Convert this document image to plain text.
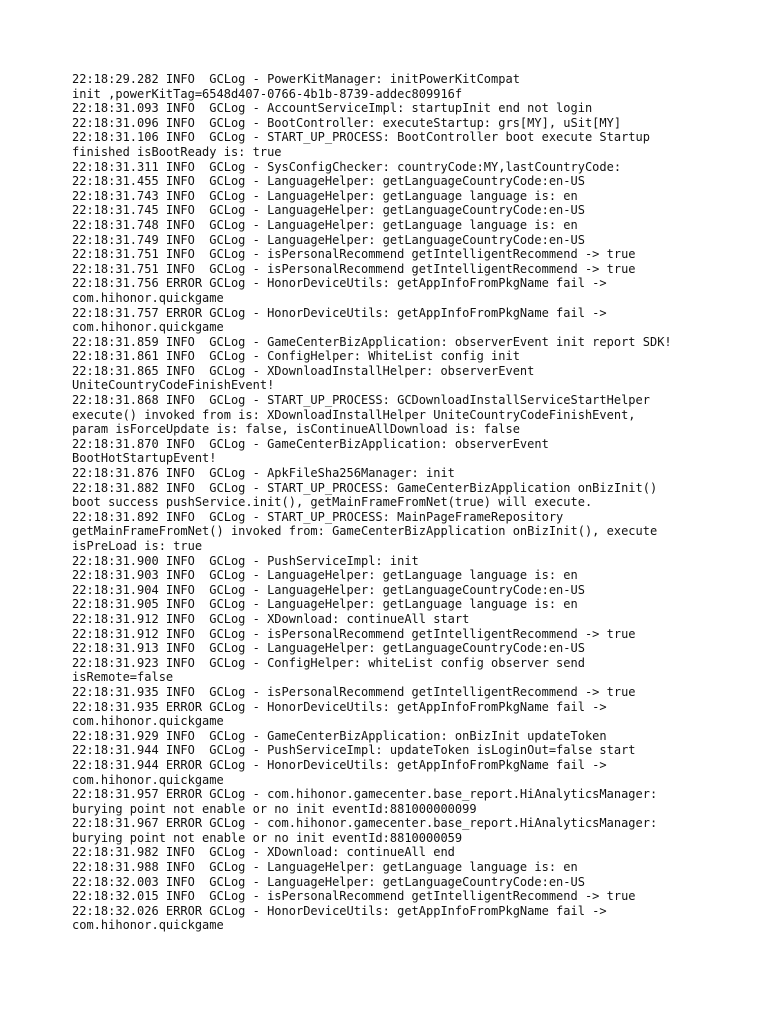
22:18:29.282 INFO  GCLog - PowerKitManager: initPowerKitCompat
init ,powerKitTag=6548d407-0766-4b1b-8739-addec809916f
22:18:31.093 INFO  GCLog - AccountServiceImpl: startupInit end not login
22:18:31.096 INFO  GCLog - BootController: executeStartup: grs[MY], uSit[MY]
22:18:31.106 INFO  GCLog - START_UP_PROCESS: BootController boot execute Startup
finished isBootReady is: true
22:18:31.311 INFO  GCLog - SysConfigChecker: countryCode:MY,lastCountryCode:
22:18:31.455 INFO  GCLog - LanguageHelper: getLanguageCountryCode:en-US
22:18:31.743 INFO  GCLog - LanguageHelper: getLanguage language is: en
22:18:31.745 INFO  GCLog - LanguageHelper: getLanguageCountryCode:en-US
22:18:31.748 INFO  GCLog - LanguageHelper: getLanguage language is: en
22:18:31.749 INFO  GCLog - LanguageHelper: getLanguageCountryCode:en-US
22:18:31.751 INFO  GCLog - isPersonalRecommend getIntelligentRecommend -> true
22:18:31.751 INFO  GCLog - isPersonalRecommend getIntelligentRecommend -> true
22:18:31.756 ERROR GCLog - HonorDeviceUtils: getAppInfoFromPkgName fail ->
com.hihonor.quickgame
22:18:31.757 ERROR GCLog - HonorDeviceUtils: getAppInfoFromPkgName fail ->
com.hihonor.quickgame
22:18:31.859 INFO  GCLog - GameCenterBizApplication: observerEvent init report SDK!
22:18:31.861 INFO  GCLog - ConfigHelper: WhiteList config init
22:18:31.865 INFO  GCLog - XDownloadInstallHelper: observerEvent
UniteCountryCodeFinishEvent!
22:18:31.868 INFO  GCLog - START_UP_PROCESS: GCDownloadInstallServiceStartHelper
execute() invoked from is: XDownloadInstallHelper UniteCountryCodeFinishEvent,
param isForceUpdate is: false, isContinueAllDownload is: false
22:18:31.870 INFO  GCLog - GameCenterBizApplication: observerEvent
BootHotStartupEvent!
22:18:31.876 INFO  GCLog - ApkFileSha256Manager: init
22:18:31.882 INFO  GCLog - START_UP_PROCESS: GameCenterBizApplication onBizInit()
boot success pushService.init(), getMainFrameFromNet(true) will execute.
22:18:31.892 INFO  GCLog - START_UP_PROCESS: MainPageFrameRepository
getMainFrameFromNet() invoked from: GameCenterBizApplication onBizInit(), execute
isPreLoad is: true
22:18:31.900 INFO  GCLog - PushServiceImpl: init
22:18:31.903 INFO  GCLog - LanguageHelper: getLanguage language is: en
22:18:31.904 INFO  GCLog - LanguageHelper: getLanguageCountryCode:en-US
22:18:31.905 INFO  GCLog - LanguageHelper: getLanguage language is: en
22:18:31.912 INFO  GCLog - XDownload: continueAll start
22:18:31.912 INFO  GCLog - isPersonalRecommend getIntelligentRecommend -> true
22:18:31.913 INFO  GCLog - LanguageHelper: getLanguageCountryCode:en-US
22:18:31.923 INFO  GCLog - ConfigHelper: whiteList config observer send
isRemote=false
22:18:31.935 INFO  GCLog - isPersonalRecommend getIntelligentRecommend -> true
22:18:31.935 ERROR GCLog - HonorDeviceUtils: getAppInfoFromPkgName fail ->
com.hihonor.quickgame
22:18:31.929 INFO  GCLog - GameCenterBizApplication: onBizInit updateToken
22:18:31.944 INFO  GCLog - PushServiceImpl: updateToken isLoginOut=false start
22:18:31.944 ERROR GCLog - HonorDeviceUtils: getAppInfoFromPkgName fail ->
com.hihonor.quickgame
22:18:31.957 ERROR GCLog - com.hihonor.gamecenter.base_report.HiAnalyticsManager:
burying point not enable or no init eventId:881000000099
22:18:31.967 ERROR GCLog - com.hihonor.gamecenter.base_report.HiAnalyticsManager:
burying point not enable or no init eventId:8810000059
22:18:31.982 INFO  GCLog - XDownload: continueAll end
22:18:31.988 INFO  GCLog - LanguageHelper: getLanguage language is: en
22:18:32.003 INFO  GCLog - LanguageHelper: getLanguageCountryCode:en-US
22:18:32.015 INFO  GCLog - isPersonalRecommend getIntelligentRecommend -> true
22:18:32.026 ERROR GCLog - HonorDeviceUtils: getAppInfoFromPkgName fail ->
com.hihonor.quickgame
